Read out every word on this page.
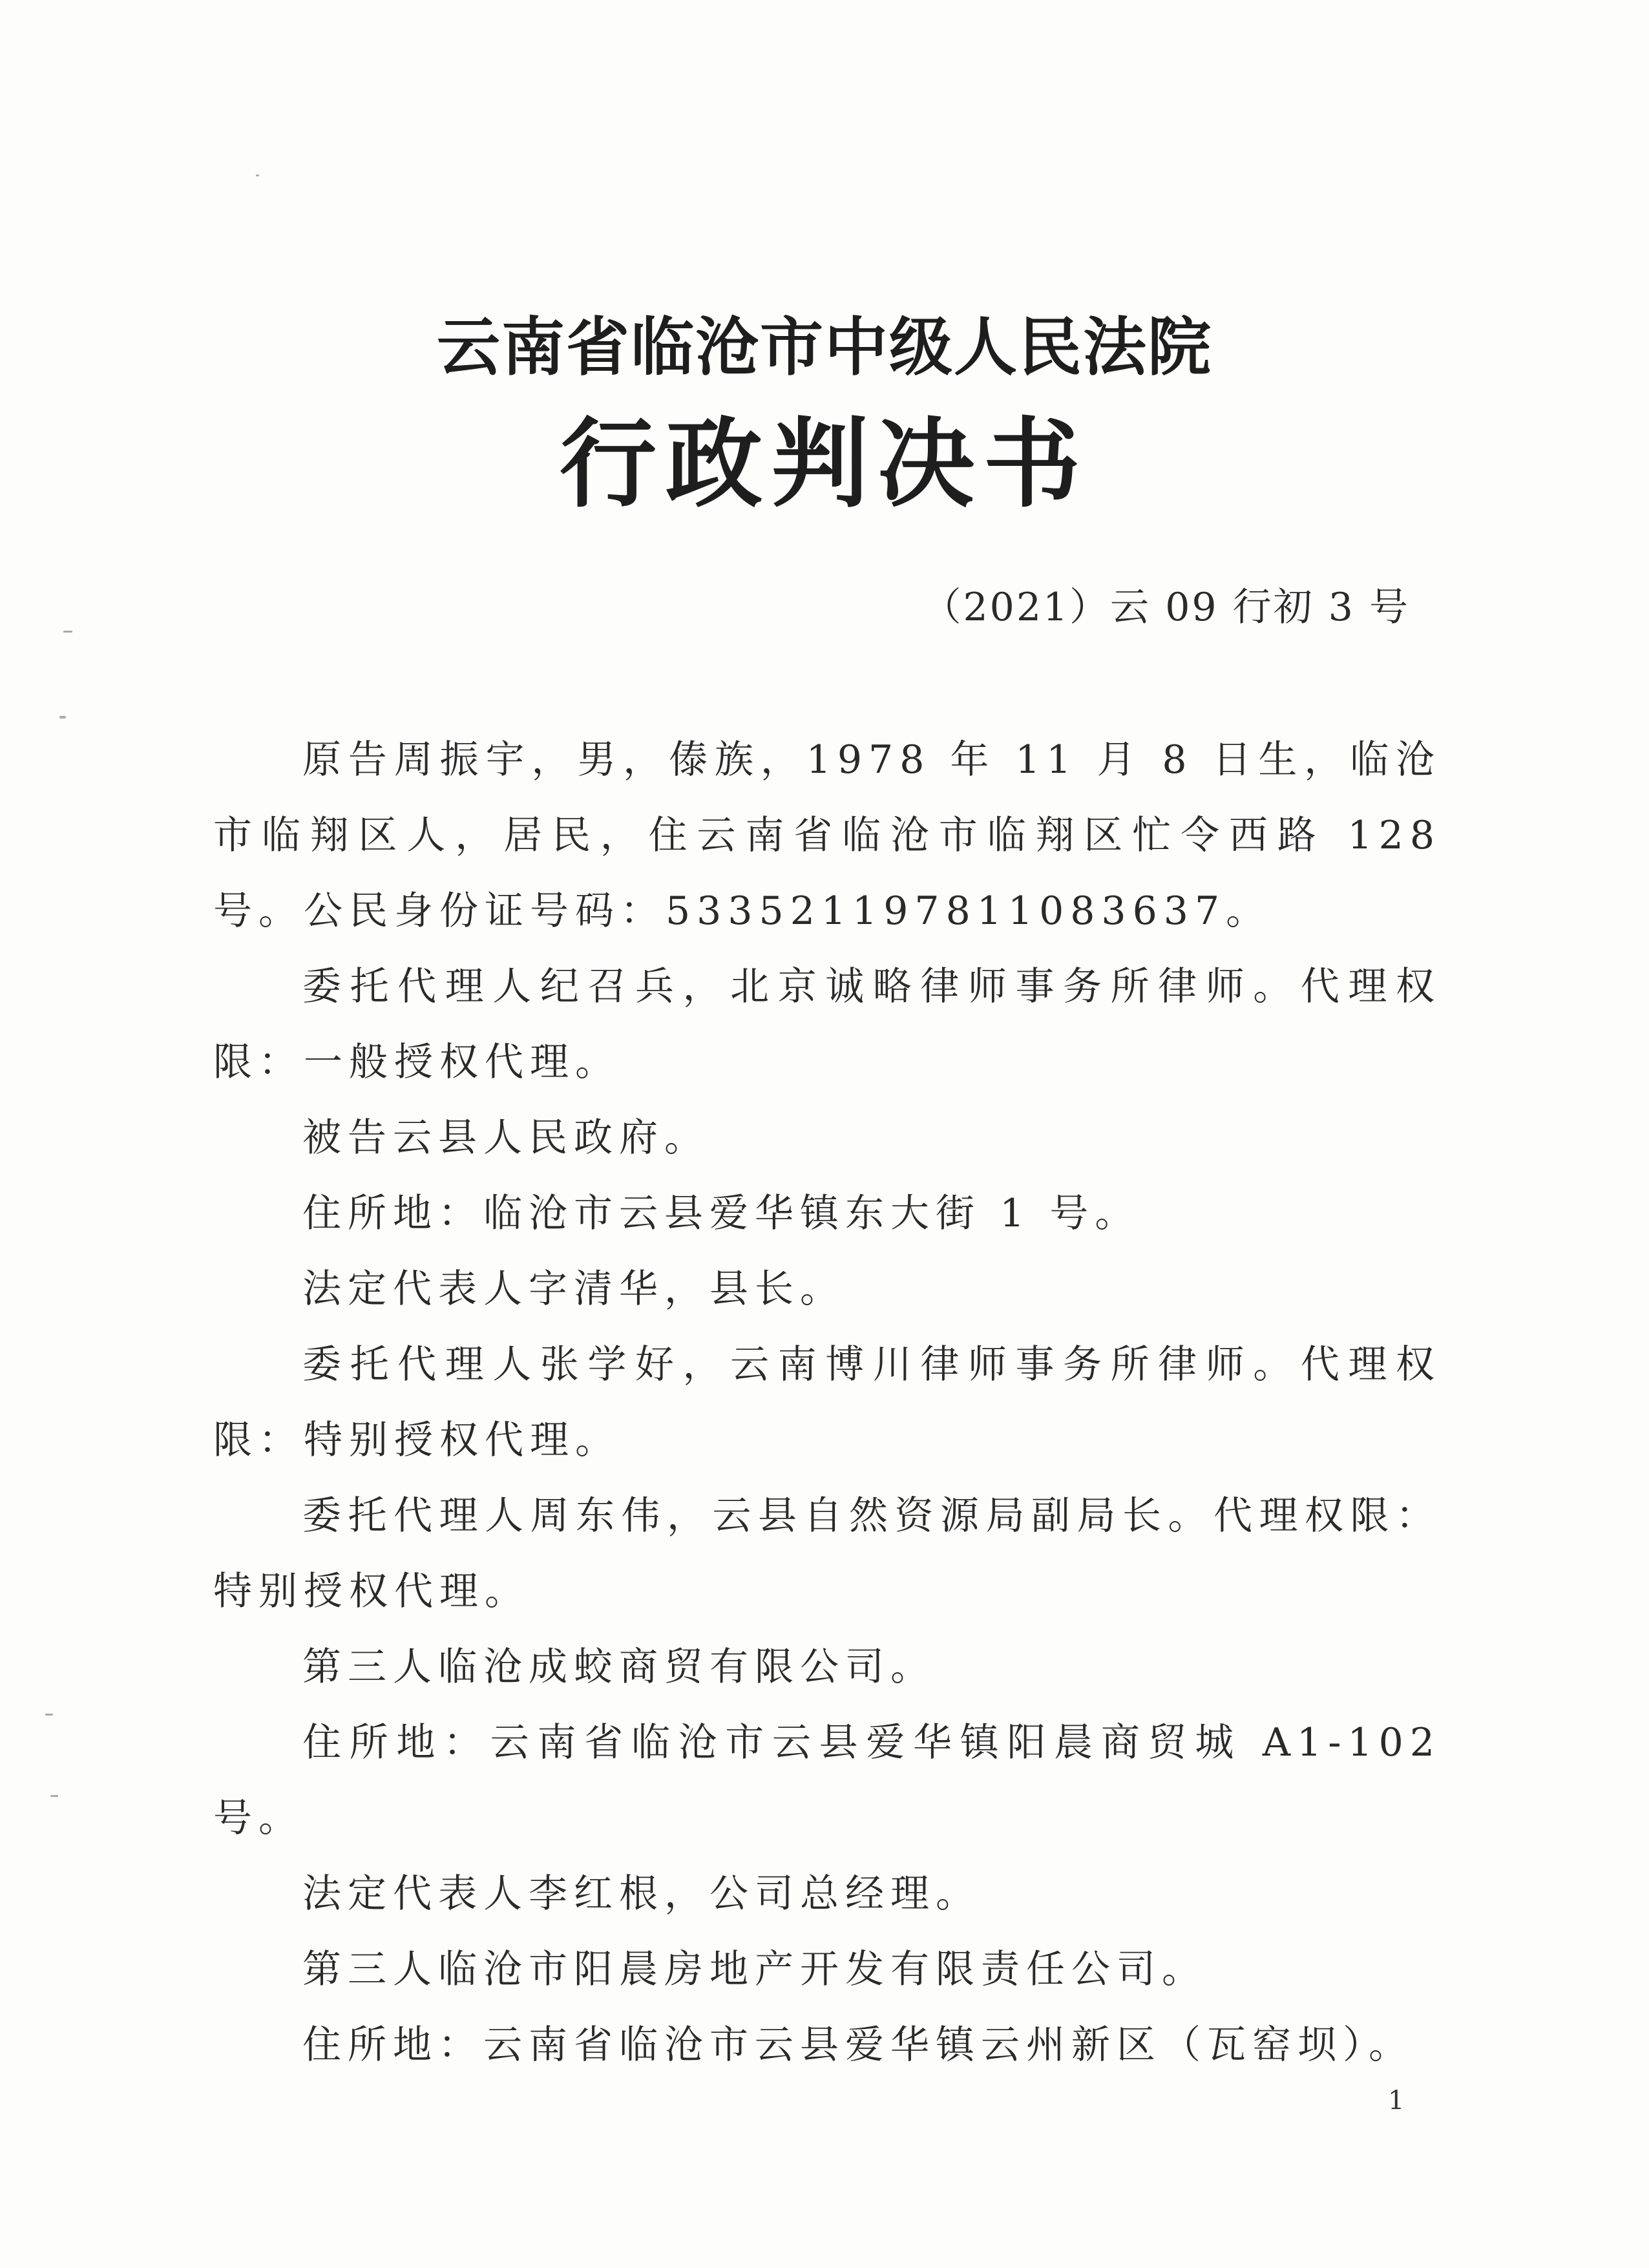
云南省临沧市中级人民法院
行政判决书
（2021）云 09 行初 3 号

原告周振宇，男，傣族，1978 年 11 月 8 日生，临沧市临翔区人，居民，住云南省临沧市临翔区忙令西路 128 号。公民身份证号码：533521197811083637。

委托代理人纪召兵，北京诚略律师事务所律师。代理权限：一般授权代理。

被告云县人民政府。

住所地：临沧市云县爱华镇东大街 1 号。

法定代表人字清华，县长。

委托代理人张学好，云南博川律师事务所律师。代理权限：特别授权代理。

委托代理人周东伟，云县自然资源局副局长。代理权限：特别授权代理。

第三人临沧成蛟商贸有限公司。

住所地：云南省临沧市云县爱华镇阳晨商贸城 A1-102 号。

法定代表人李红根，公司总经理。

第三人临沧市阳晨房地产开发有限责任公司。

住所地：云南省临沧市云县爱华镇云州新区（瓦窑坝）。

1
